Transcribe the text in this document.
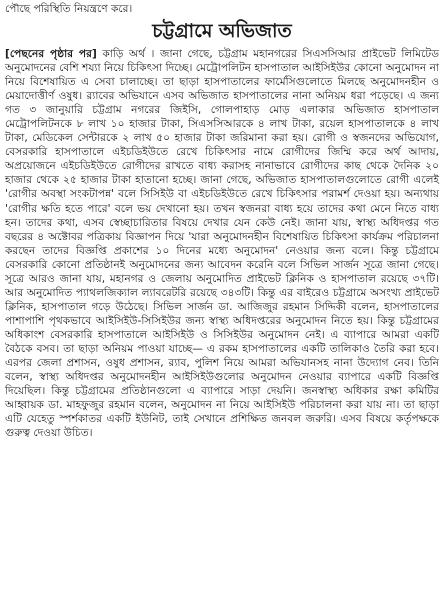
পৌছে পরিস্থিতি নিয়ন্ত্রণে করে।

চট্টগ্রামে অভিজাত

[পেছনের পৃষ্ঠার পর] কাড়ি অর্থ । জানা গেছে, চট্টগ্রাম মহানগরের সিএসসিআর প্রাইভেট লিমিটেড অনুমোদনের বেশি শয্যা নিয়ে চিকিৎসা দিচ্ছে। মেট্রোপলিটন হাসপাতাল আইসিইউর কোনো অনুমোদন না নিয়ে বিশেষায়িত এ সেবা চালাচ্ছে। তা ছাড়া হাসপাতালের ফার্মেসিগুলোতে মিলছে অনুমোদনহীন ও মেয়াদোত্তীর্ণ ওষুধ। র‌্যাবের অভিযানে এসব অভিজাত হাসপাতালের নানা অনিয়ম ধরা পড়েছে। এ জন্য গত ৩ জানুয়ারি চট্টগ্রাম নগরের জিইসি, গোলপাহাড় মোড় এলাকার অভিজাত হাসপাতাল মেট্রোপলিটনকে ৮ লাখ ১০ হাজার টাকা, সিএসসিআরকে ৪ লাখ টাকা, রয়েল হাসপাতালকে ৪ লাখ টাকা, মেডিকেল সেন্টারকে ২ লাখ ৫০ হাজার টাকা জরিমানা করা হয়। রোগী ও স্বজনদের অভিযোগ, বেসরকারি হাসপাতালে এইচডিইউতে রেখে চিকিৎসার নামে রোগীদের জিম্মি করে অর্থ আদায়, অপ্রয়োজনে এইচডিইউতে রোগীদের রাখতে বাধ্য করাসহ নানাভাবে রোগীদের কাছ থেকে দৈনিক ২০ হাজার থেকে ২৫ হাজার টাকা হাতানো হচ্ছে। জানা গেছে, অভিজাত হাসপাতালগুলোতে রোগী এলেই 'রোগীর অবস্থা সংকটাপন্ন' বলে সিসিইউ বা এইচডিইউতে রেখে চিকিৎসার পরামর্শ দেওয়া হয়। অন্যথায় 'রোগীর ক্ষতি হতে পারে' বলে ভয় দেখানো হয়। তখন স্বজনরা বাধ্য হয়ে তাদের কথা মেনে নিতে বাধ্য হন। তাদের কথা, এসব স্বেচ্ছাচারিতার বিষয়ে দেখার যেন কেউ নেই। জানা যায়, স্বাস্থ্য অধিদপ্তর গত বছরের ৪ অক্টোবর পত্রিকায় বিজ্ঞাপন দিয়ে 'যারা অনুমোদনহীন বিশেষায়িত চিকিৎসা কার্যক্রম পরিচালনা করছেন তাদের বিজ্ঞপ্তি প্রকাশের ১০ দিনের মধ্যে অনুমোদন' নেওয়ার জন্য বলে। কিন্তু চট্টগ্রামে বেসরকারি কোনো প্রতিষ্ঠানই অনুমোদনের জন্য আবেদন করেনি বলে সিভিল সার্জন সূত্রে জানা গেছে। সূত্রে আরও জানা যায়, মহানগর ও জেলায় অনুমোদিত প্রাইভেট ক্লিনিক ও হাসপাতাল রয়েছে ৩৭টি। আর অনুমোদিত প্যাথলজিক্যাল ল্যাবরেটরি রয়েছে ৩৪৩টি। কিন্তু এর বাইরেও চট্টগ্রামে অসংখ্য প্রাইভেট ক্লিনিক, হাসপাতাল গড়ে উঠেছে। সিভিল সার্জন ডা. আজিজুর রহমান সিদ্দিকী বলেন, হাসপাতালের পাশাপাশি পৃথকভাবে আইসিইউ-সিসিইউর জন্য স্বাস্থ্য অধিদপ্তরের অনুমোদন নিতে হয়। কিন্তু চট্টগ্রামের অধিকাংশ বেসরকারি হাসপাতালে আইসিইউ ও সিসিইউর অনুমোদন নেই। এ ব্যাপারে আমরা একটি বৈঠকে বসব। তা ছাড়া অনিয়ম পাওয়া যাচ্ছে— এ রকম হাসপাতালের একটি তালিকাও তৈরি করা হবে। এরপর জেলা প্রশাসন, ওষুধ প্রশাসন, র‌্যাব, পুলিশ নিয়ে আমরা অভিযানসহ নানা উদ্যোগ নেব। তিনি বলেন, স্বাস্থ্য অধিদপ্তর অনুমোদনহীন আইসিইউগুলোর অনুমোদন নেওয়ার ব্যাপারে একটি বিজ্ঞপ্তি দিয়েছিল। কিন্তু চট্টগ্রামের প্রতিষ্ঠানগুলো এ ব্যাপারে সাড়া দেয়নি। জনস্বাস্থ্য অধিকার রক্ষা কমিটির আহ্বায়ক ডা. মাহফুজুর রহমান বলেন, অনুমোদন না নিয়ে আইসিইউ পরিচালনা করা যায় না। তা ছাড়া এটি যেহেতু স্পর্শকাতর একটি ইউনিট, তাই সেখানে প্রশিক্ষিত জনবল জরুরি। এসব বিষয়ে কর্তৃপক্ষকে গুরুত্ব দেওয়া উচিত।
